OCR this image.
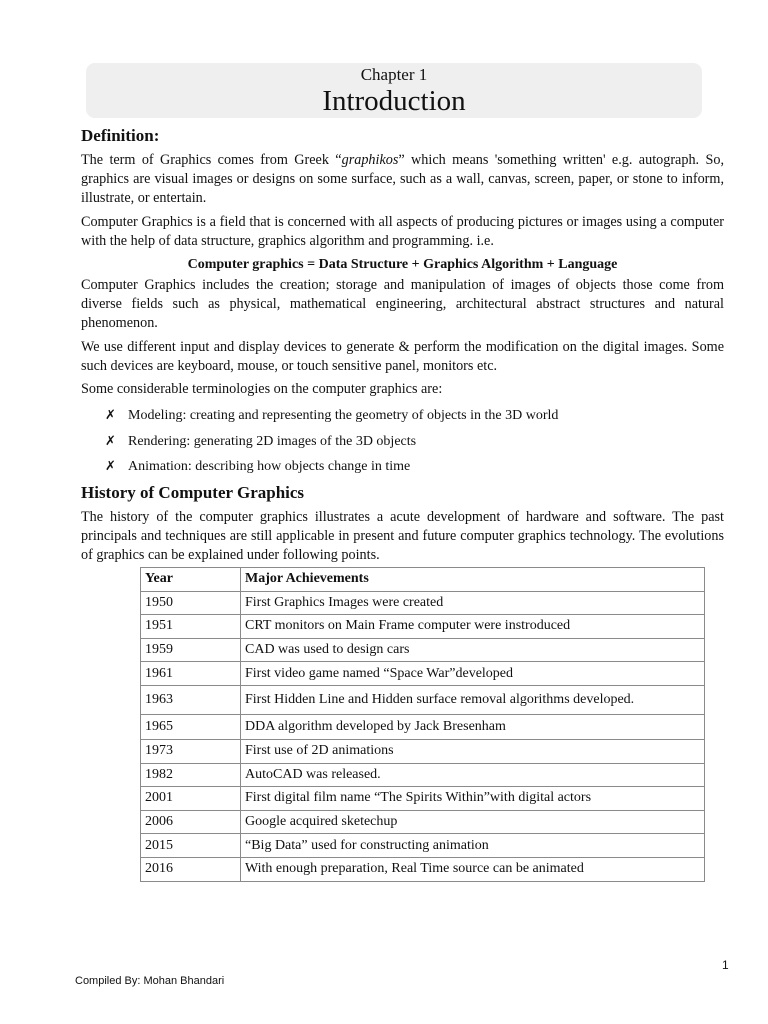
Chapter 1
Introduction
Definition:

The term of Graphics comes from Greek “graphikos” which means 'something written' e.g. autograph. So, graphics are visual images or designs on some surface, such as a wall, canvas, screen, paper, or stone to inform, illustrate, or entertain.

Computer Graphics is a field that is concerned with all aspects of producing pictures or images using a computer with the help of data structure, graphics algorithm and programming. i.e.

Computer graphics = Data Structure + Graphics Algorithm + Language

Computer Graphics includes the creation; storage and manipulation of images of objects those come from diverse fields such as physical, mathematical engineering, architectural abstract structures and natural phenomenon.

We use different input and display devices to generate & perform the modification on the digital images. Some such devices are keyboard, mouse, or touch sensitive panel, monitors etc.

Some considerable terminologies on the computer graphics are:

✗ Modeling: creating and representing the geometry of objects in the 3D world
✗ Rendering: generating 2D images of the 3D objects
✗ Animation: describing how objects change in time
History of Computer Graphics

The history of the computer graphics illustrates a acute development of hardware and software. The past principals and techniques are still applicable in present and future computer graphics technology. The evolutions of graphics can be explained under following points.

Year	Major Achievements
1950	First Graphics Images were created
1951	CRT monitors on Main Frame computer were instroduced
1959	CAD was used to design cars
1961	First video game named “Space War”developed
1963	First Hidden Line and Hidden surface removal algorithms developed.
1965	DDA algorithm developed by Jack Bresenham
1973	First use of 2D animations
1982	AutoCAD was released.
2001	First digital film name “The Spirits Within”with digital actors
2006	Google acquired sketechup
2015	“Big Data” used for constructing animation
2016	With enough preparation, Real Time source can be animated
1
Compiled By: Mohan Bhandari
